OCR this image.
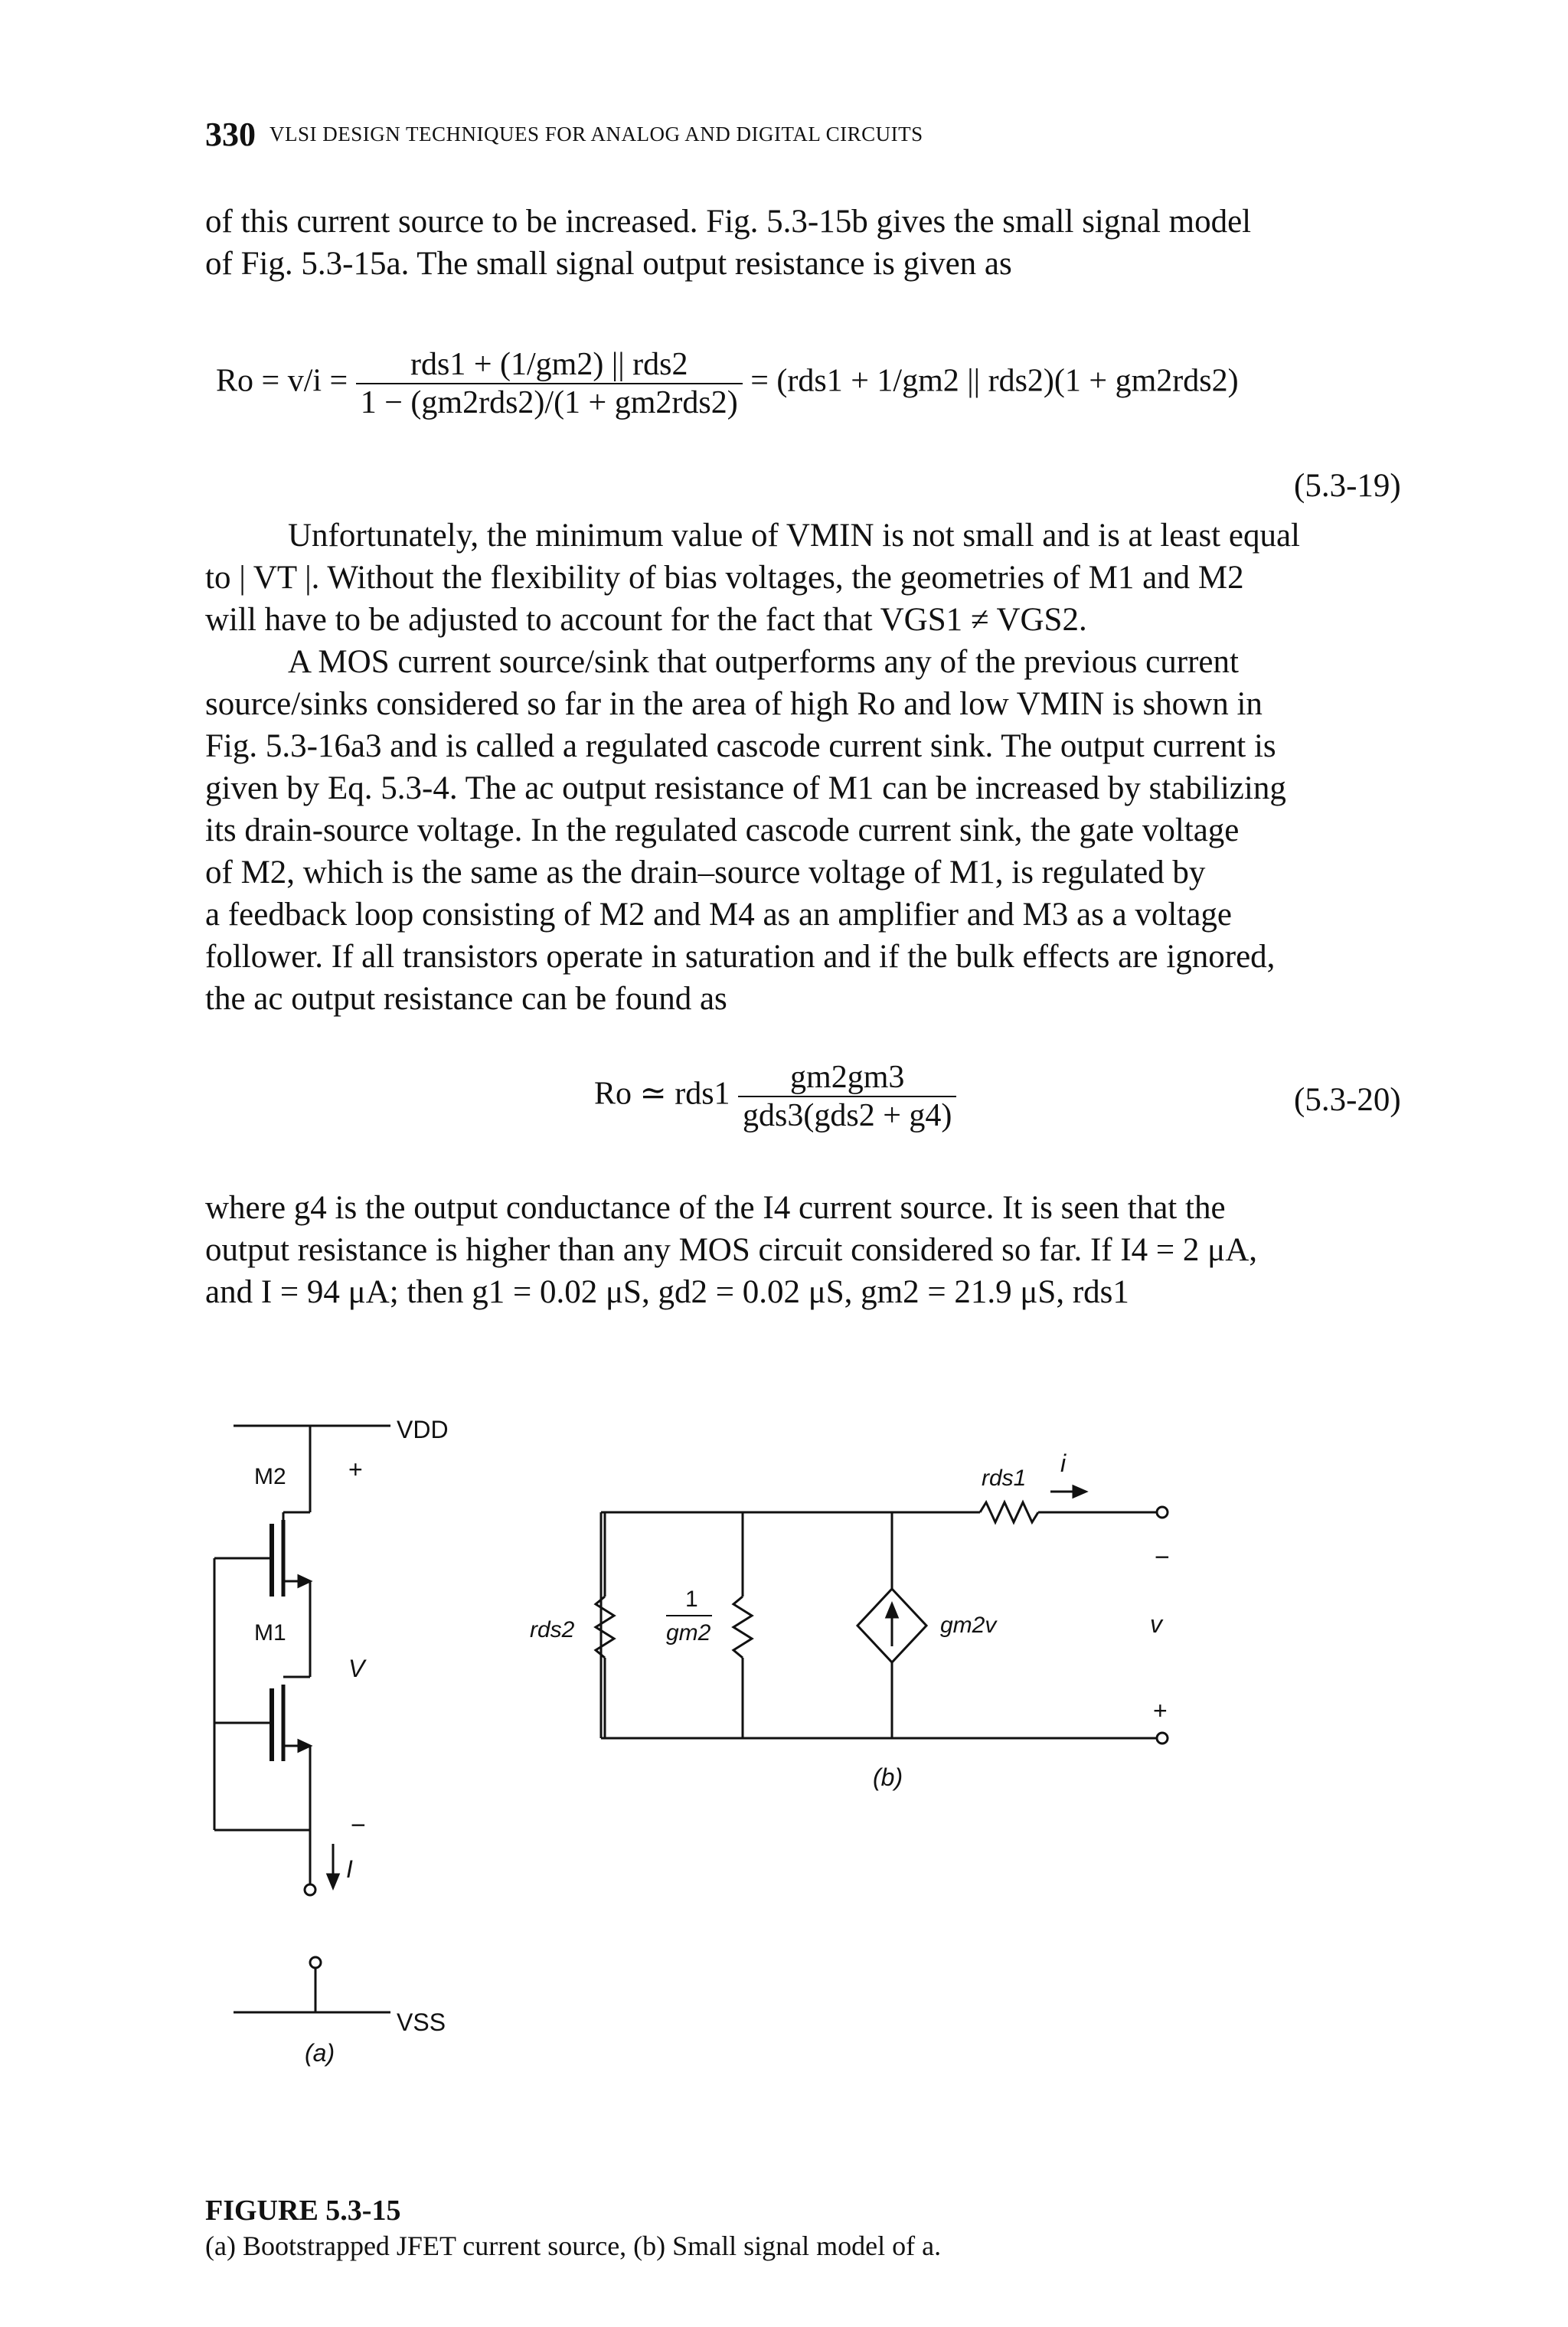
330 VLSI DESIGN TECHNIQUES FOR ANALOG AND DIGITAL CIRCUITS
of this current source to be increased. Fig. 5.3-15b gives the small signal model
of Fig. 5.3-15a. The small signal output resistance is given as
$Ro = v/i = \frac{\text{rds1 + (1/gm2) || rds2}}{\text{1 − (gm2rds2)/(1 + gm2rds2)}} = (rds1 + 1/gm2$ || rds2)(1 + gm2rds2)
(5.3-19)
Unfortunately, the minimum value of VMIN is not small and is at least equal
to | VT |. Without the flexibility of bias voltages, the geometries of M1 and M2
will have to be adjusted to account for the fact that VGS1 ≠ VGS2.
A MOS current source/sink that outperforms any of the previous current
source/sinks considered so far in the area of high Ro and low VMIN is shown in
Fig. 5.3-16a3 and is called a regulated cascode current sink. The output current is
given by Eq. 5.3-4. The ac output resistance of M1 can be increased by stabilizing
its drain-source voltage. In the regulated cascode current sink, the gate voltage
of M2, which is the same as the drain–source voltage of M1, is regulated by
a feedback loop consisting of M2 and M4 as an amplifier and M3 as a voltage
follower. If all transistors operate in saturation and if the bulk effects are ignored,
the ac output resistance can be found as
Ro ≃ $rds1 \frac{gm2gm3}{\text{gds3(gds2 + g4)}}$	(5.3-20)
where g4 is the output conductance of the I4 current source. It is seen that the
output resistance is higher than any MOS circuit considered so far. If I4 = 2 μA,
and I = 94 μA; then g1 = 0.02 μS, gd2 = 0.02 μS, gm2 = 21.9 μS, rds1
VDD
M2
M1
+
V
−
I
VSS
(a)
rds1
i
−
rds2
1
gm2	gm2v	v
+
(b)
FIGURE 5.3-15
(a) Bootstrapped JFET current source, (b) Small signal model of a.
